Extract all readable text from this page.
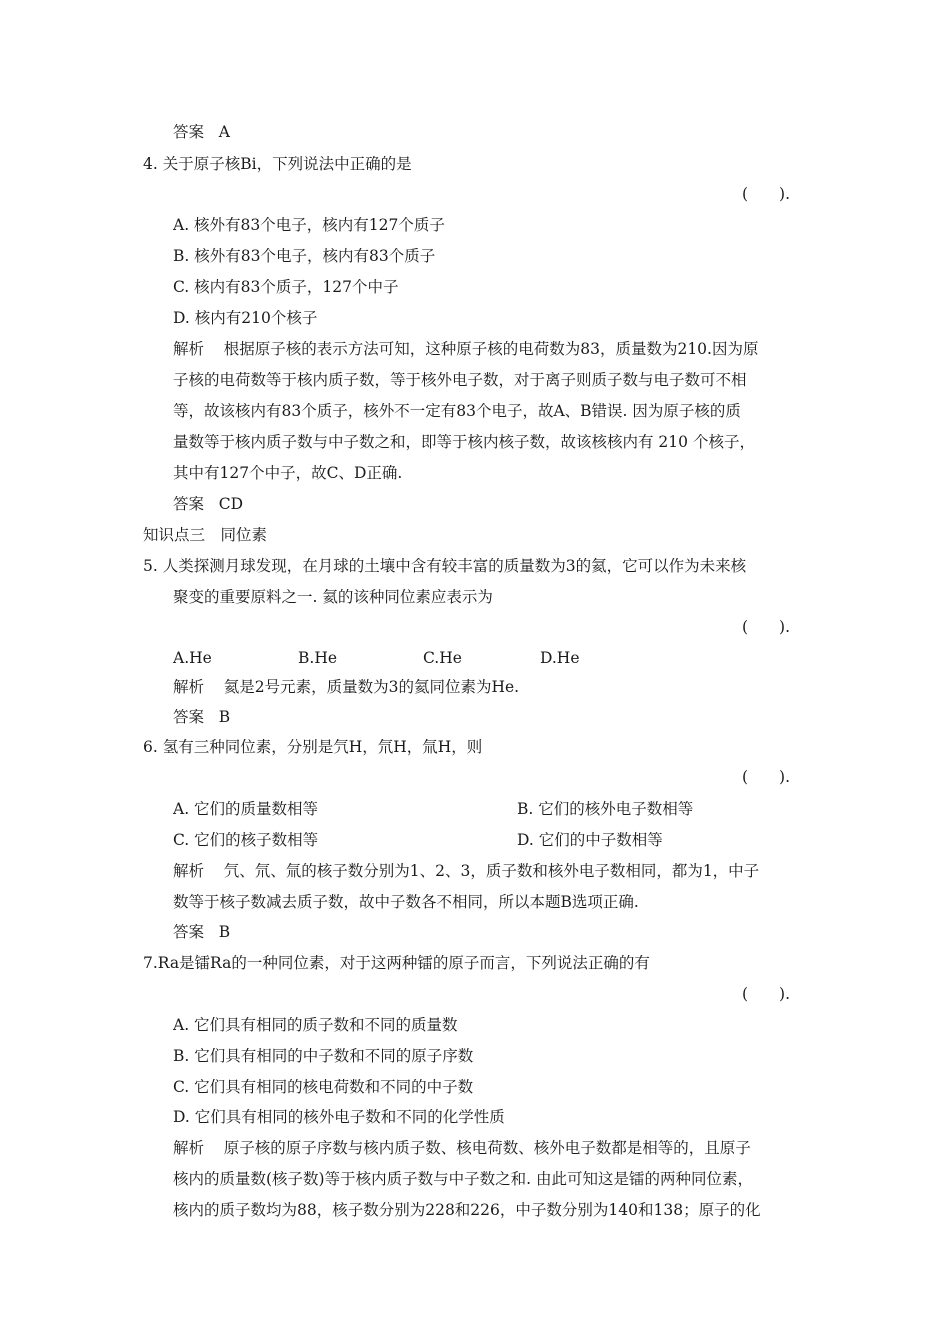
答案 A
4. 关于原子核Bi，下列说法中正确的是
(　　).
A. 核外有83个电子，核内有127个质子
B. 核外有83个电子，核内有83个质子
C. 核内有83个质子，127个中子
D. 核内有210个核子
解析 根据原子核的表示方法可知，这种原子核的电荷数为83，质量数为210.因为原
子核的电荷数等于核内质子数，等于核外电子数，对于离子则质子数与电子数可不相
等，故该核内有83个质子，核外不一定有83个电子，故A、B错误. 因为原子核的质
量数等于核内质子数与中子数之和，即等于核内核子数，故该核核内有 210 个核子，
其中有127个中子，故C、D正确.
答案 CD
知识点三　同位素
5. 人类探测月球发现，在月球的土壤中含有较丰富的质量数为3的氦，它可以作为未来核
聚变的重要原料之一. 氦的该种同位素应表示为
(　　).
A.He	B.He	C.He	D.He
解析 氦是2号元素，质量数为3的氦同位素为He.
答案 B
6. 氢有三种同位素，分别是氕H，氘H，氚H，则
(　　).
A. 它们的质量数相等	B. 它们的核外电子数相等
C. 它们的核子数相等	D. 它们的中子数相等
解析 氕、氘、氚的核子数分别为1、2、3，质子数和核外电子数相同，都为1，中子
数等于核子数减去质子数，故中子数各不相同，所以本题B选项正确.
答案 B
7.Ra是镭Ra的一种同位素，对于这两种镭的原子而言，下列说法正确的有
(　　).
A. 它们具有相同的质子数和不同的质量数
B. 它们具有相同的中子数和不同的原子序数
C. 它们具有相同的核电荷数和不同的中子数
D. 它们具有相同的核外电子数和不同的化学性质
解析 原子核的原子序数与核内质子数、核电荷数、核外电子数都是相等的，且原子
核内的质量数(核子数)等于核内质子数与中子数之和. 由此可知这是镭的两种同位素，
核内的质子数均为88，核子数分别为228和226，中子数分别为140和138；原子的化
